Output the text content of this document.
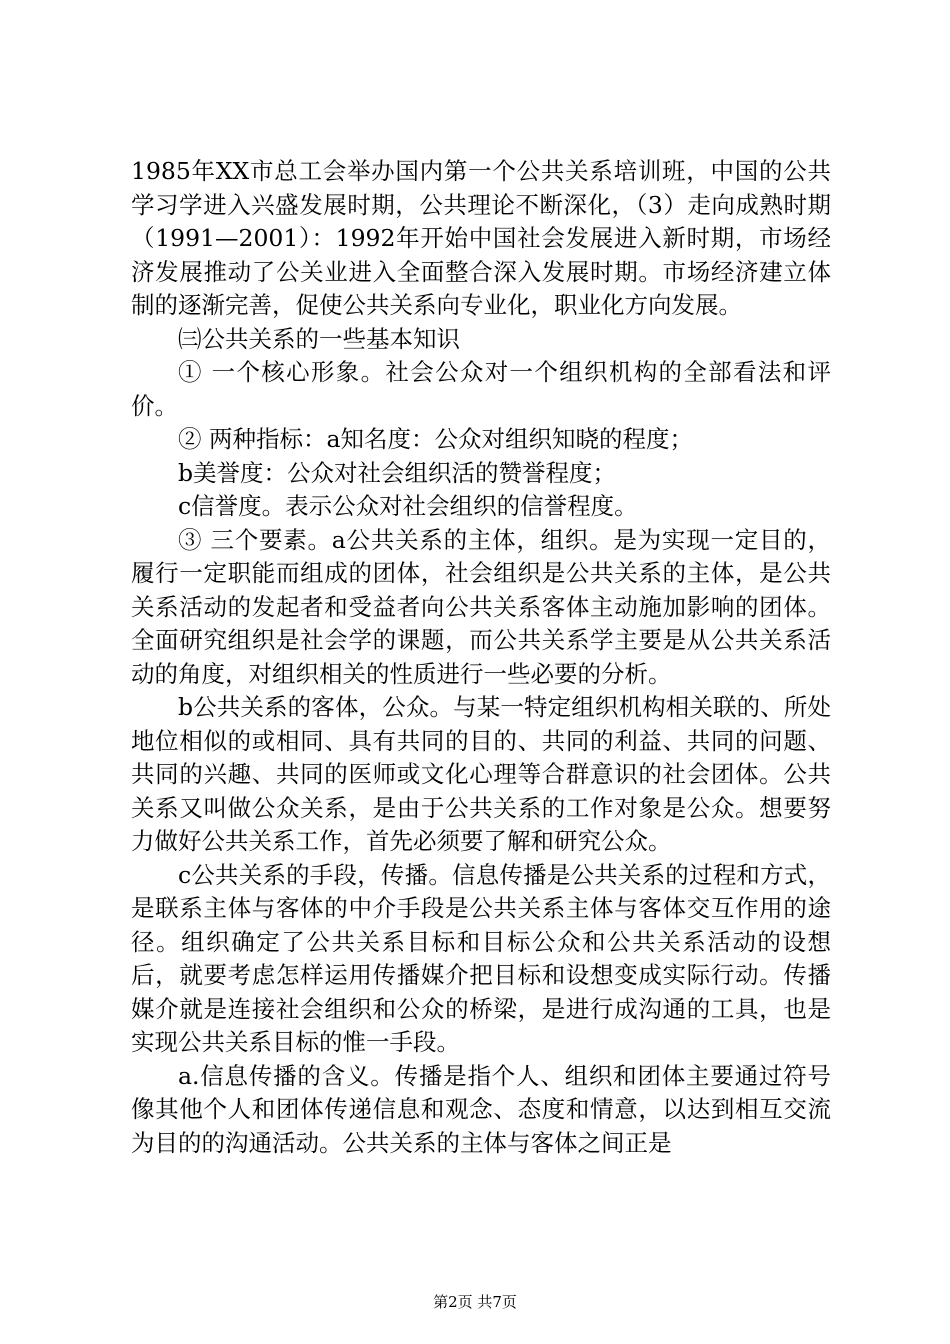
1985年XX市总工会举办国内第一个公共关系培训班，中国的公共学习学进入兴盛发展时期，公共理论不断深化，（3）走向成熟时期（1991—2001）：1992年开始中国社会发展进入新时期，市场经济发展推动了公关业进入全面整合深入发展时期。市场经济建立体制的逐渐完善，促使公共关系向专业化，职业化方向发展。

㈢公共关系的一些基本知识

① 一个核心形象。社会公众对一个组织机构的全部看法和评价。

② 两种指标：a知名度：公众对组织知晓的程度；

b美誉度：公众对社会组织活的赞誉程度；

c信誉度。表示公众对社会组织的信誉程度。

③ 三个要素。a公共关系的主体，组织。是为实现一定目的，履行一定职能而组成的团体，社会组织是公共关系的主体，是公共关系活动的发起者和受益者向公共关系客体主动施加影响的团体。全面研究组织是社会学的课题，而公共关系学主要是从公共关系活动的角度，对组织相关的性质进行一些必要的分析。

b公共关系的客体，公众。与某一特定组织机构相关联的、所处地位相似的或相同、具有共同的目的、共同的利益、共同的问题、共同的兴趣、共同的医师或文化心理等合群意识的社会团体。公共关系又叫做公众关系，是由于公共关系的工作对象是公众。想要努力做好公共关系工作，首先必须要了解和研究公众。

c公共关系的手段，传播。信息传播是公共关系的过程和方式，是联系主体与客体的中介手段是公共关系主体与客体交互作用的途径。组织确定了公共关系目标和目标公众和公共关系活动的设想后，就要考虑怎样运用传播媒介把目标和设想变成实际行动。传播媒介就是连接社会组织和公众的桥梁，是进行成沟通的工具，也是实现公共关系目标的惟一手段。

a.信息传播的含义。传播是指个人、组织和团体主要通过符号像其他个人和团体传递信息和观念、态度和情意，以达到相互交流为目的的沟通活动。公共关系的主体与客体之间正是

第2页 共7页
